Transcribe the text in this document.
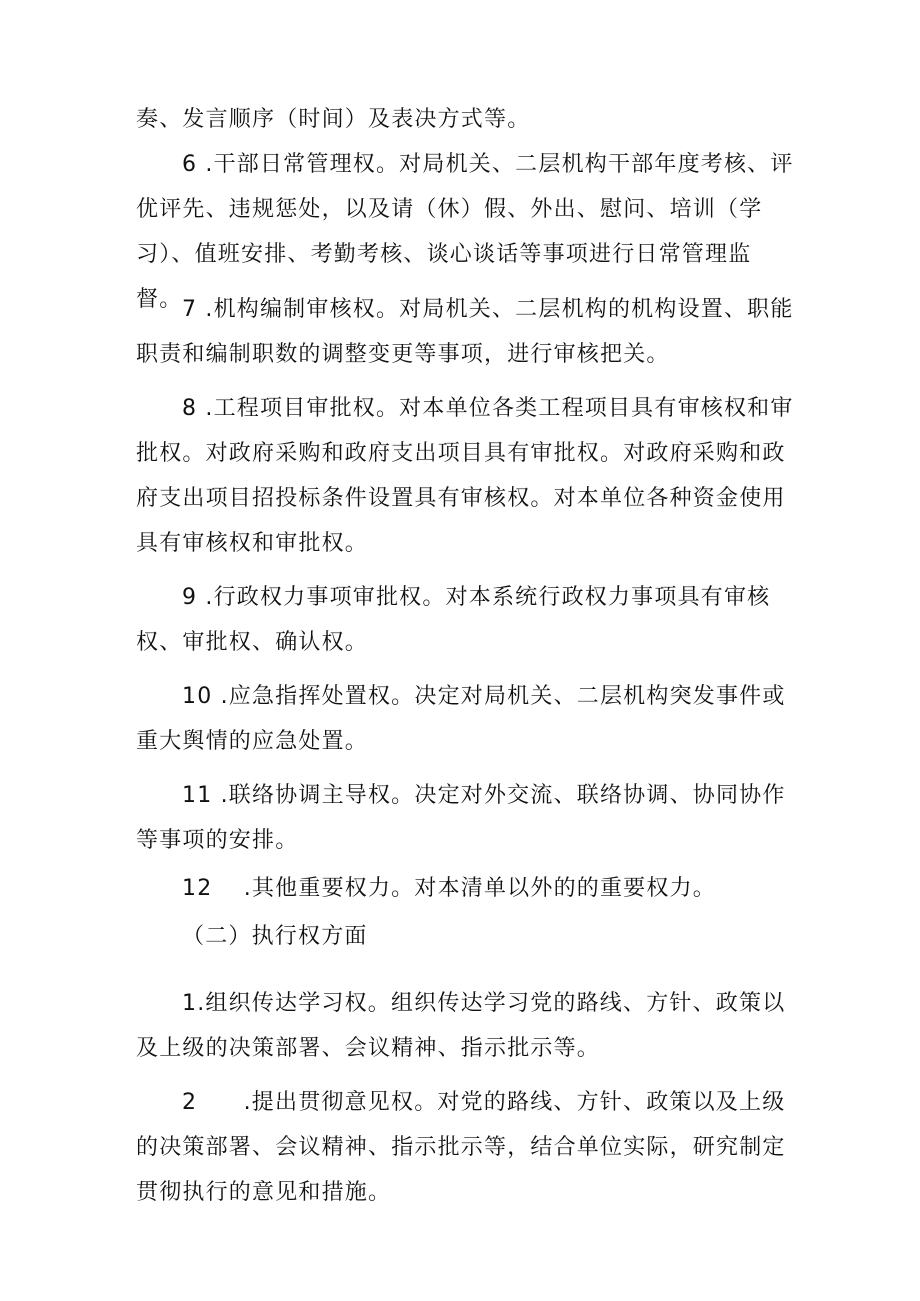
奏、发言顺序（时间）及表决方式等。

6 .干部日常管理权。对局机关、二层机构干部年度考核、评优评先、违规惩处，以及请（休）假、外出、慰问、培训（学习）、值班安排、考勤考核、谈心谈话等事项进行日常管理监督。 7 .机构编制审核权。对局机关、二层机构的机构设置、职能职责和编制职数的调整变更等事项，进行审核把关。

8 .工程项目审批权。对本单位各类工程项目具有审核权和审批权。对政府采购和政府支出项目具有审批权。对政府采购和政府支出项目招投标条件设置具有审核权。对本单位各种资金使用具有审核权和审批权。

9 .行政权力事项审批权。对本系统行政权力事项具有审核权、审批权、确认权。

10 .应急指挥处置权。决定对局机关、二层机构突发事件或重大舆情的应急处置。

11 .联络协调主导权。决定对外交流、联络协调、协同协作等事项的安排。

12　 .其他重要权力。对本清单以外的的重要权力。

（二）执行权方面

1.组织传达学习权。组织传达学习党的路线、方针、政策以及上级的决策部署、会议精神、指示批示等。

2　　.提出贯彻意见权。对党的路线、方针、政策以及上级的决策部署、会议精神、指示批示等，结合单位实际，研究制定贯彻执行的意见和措施。
